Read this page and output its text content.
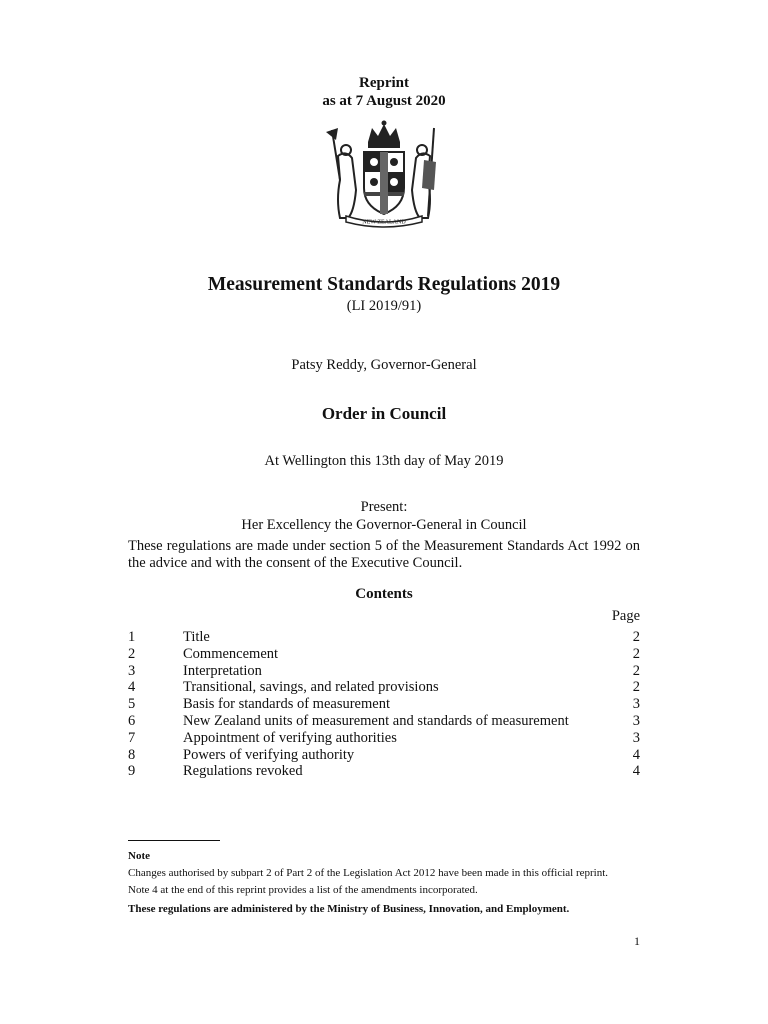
Reprint
as at 7 August 2020
NEW ZEALAND
Measurement Standards Regulations 2019
(LI 2019/91)
Patsy Reddy, Governor-General
Order in Council
At Wellington this 13th day of May 2019
Present:
Her Excellency the Governor-General in Council
These regulations are made under section 5 of the Measurement Standards Act 1992 on the advice and with the consent of the Executive Council.
Contents
Page
1	Title	2
2	Commencement	2
3	Interpretation	2
4	Transitional, savings, and related provisions	2
5	Basis for standards of measurement	3
6	New Zealand units of measurement and standards of measurement	3
7	Appointment of verifying authorities	3
8	Powers of verifying authority	4
9	Regulations revoked	4
Note
Changes authorised by subpart 2 of Part 2 of the Legislation Act 2012 have been made in this official reprint.
Note 4 at the end of this reprint provides a list of the amendments incorporated.
These regulations are administered by the Ministry of Business, Innovation, and Employment.
1
